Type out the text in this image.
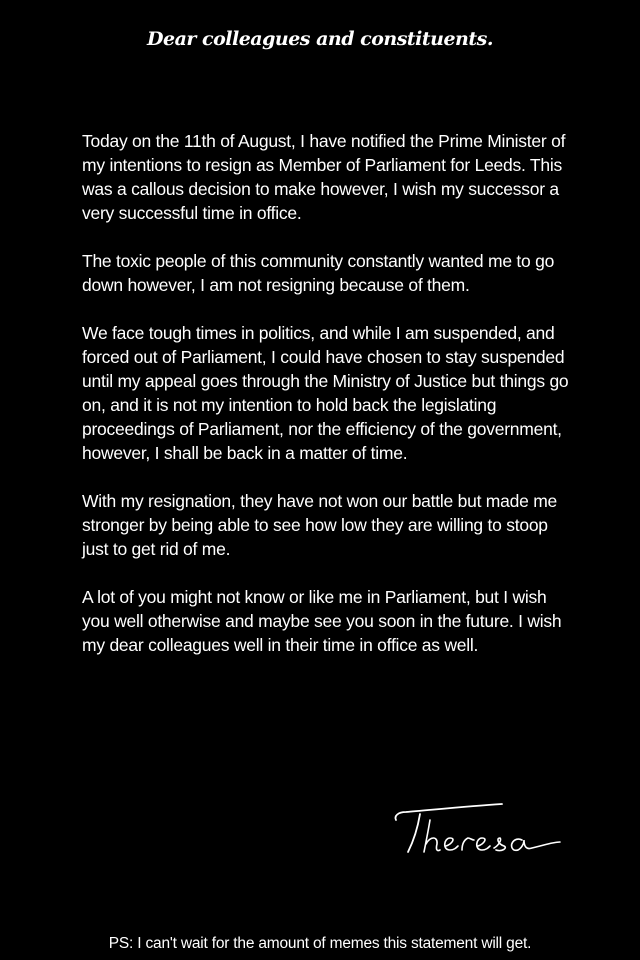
Dear colleagues and constituents.

Today on the 11th of August, I have notified the Prime Minister of my intentions to resign as Member of Parliament for Leeds. This was a callous decision to make however, I wish my successor a very successful time in office.

The toxic people of this community constantly wanted me to go down however, I am not resigning because of them.

We face tough times in politics, and while I am suspended, and forced out of Parliament, I could have chosen to stay suspended until my appeal goes through the Ministry of Justice but things go on, and it is not my intention to hold back the legislating proceedings of Parliament, nor the efficiency of the government, however, I shall be back in a matter of time.

With my resignation, they have not won our battle but made me stronger by being able to see how low they are willing to stoop just to get rid of me.

A lot of you might not know or like me in Parliament, but I wish you well otherwise and maybe see you soon in the future. I wish my dear colleagues well in their time in office as well.

PS: I can't wait for the amount of memes this statement will get.
